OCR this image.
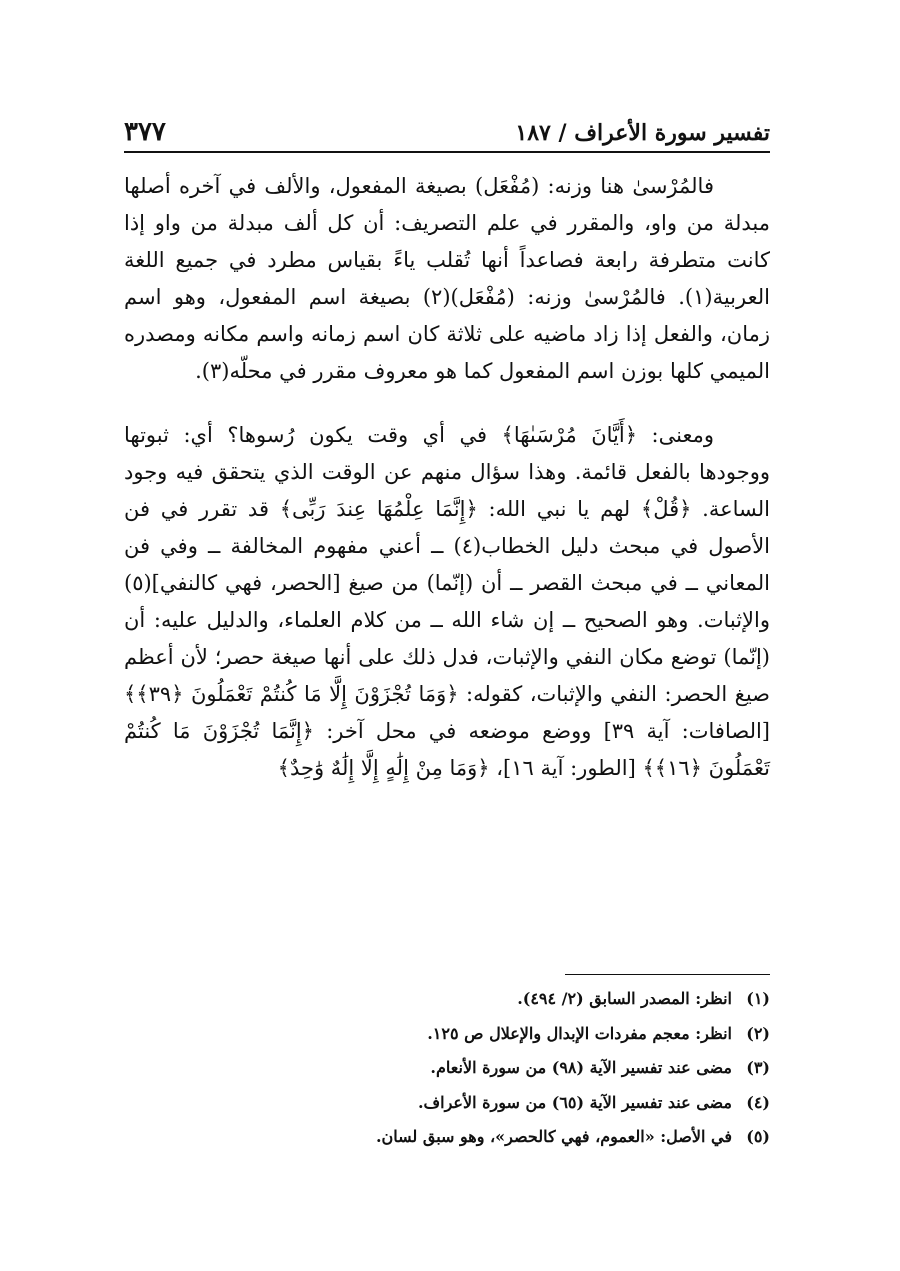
تفسير سورة الأعراف / ١٨٧
٣٧٧

فالمُرْسىٰ هنا وزنه: (مُفْعَل) بصيغة المفعول، والألف في آخره أصلها مبدلة من واو، والمقرر في علم التصريف: أن كل ألف مبدلة من واو إذا كانت متطرفة رابعة فصاعداً أنها تُقلب ياءً بقياس مطرد في جميع اللغة العربية(١). فالمُرْسىٰ وزنه: (مُفْعَل)(٢) بصيغة اسم المفعول، وهو اسم زمان، والفعل إذا زاد ماضيه على ثلاثة كان اسم زمانه واسم مكانه ومصدره الميمي كلها بوزن اسم المفعول كما هو معروف مقرر في محلّه(٣).

ومعنى: ﴿أَيَّانَ مُرْسَىٰهَا﴾ في أي وقت يكون رُسوها؟ أي: ثبوتها ووجودها بالفعل قائمة. وهذا سؤال منهم عن الوقت الذي يتحقق فيه وجود الساعة. ﴿قُلْ﴾ لهم يا نبي الله: ﴿إِنَّمَا عِلْمُهَا عِندَ رَبِّى﴾ قد تقرر في فن الأصول في مبحث دليل الخطاب(٤) ــ أعني مفهوم المخالفة ــ وفي فن المعاني ــ في مبحث القصر ــ أن (إنّما) من صيغ [الحصر، فهي كالنفي](٥) والإثبات. وهو الصحيح ــ إن شاء الله ــ من كلام العلماء، والدليل عليه: أن (إنّما) توضع مكان النفي والإثبات، فدل ذلك على أنها صيغة حصر؛ لأن أعظم صيغ الحصر: النفي والإثبات، كقوله: ﴿وَمَا تُجْزَوْنَ إِلَّا مَا كُنتُمْ تَعْمَلُونَ ﴿٣٩﴾﴾ [الصافات: آية ٣٩] ووضع موضعه في محل آخر: ﴿إِنَّمَا تُجْزَوْنَ مَا كُنتُمْ تَعْمَلُونَ ﴿١٦﴾﴾ [الطور: آية ١٦]، ﴿وَمَا مِنْ إِلَٰهٍ إِلَّا إِلَٰهٌ وَٰحِدٌ﴾

(١)
انظر: المصدر السابق (٢/ ٤٩٤).
(٢)
انظر: معجم مفردات الإبدال والإعلال ص ١٢٥.
(٣)
مضى عند تفسير الآية (٩٨) من سورة الأنعام.
(٤)
مضى عند تفسير الآية (٦٥) من سورة الأعراف.
(٥)
في الأصل: «العموم، فهي كالحصر»، وهو سبق لسان.
